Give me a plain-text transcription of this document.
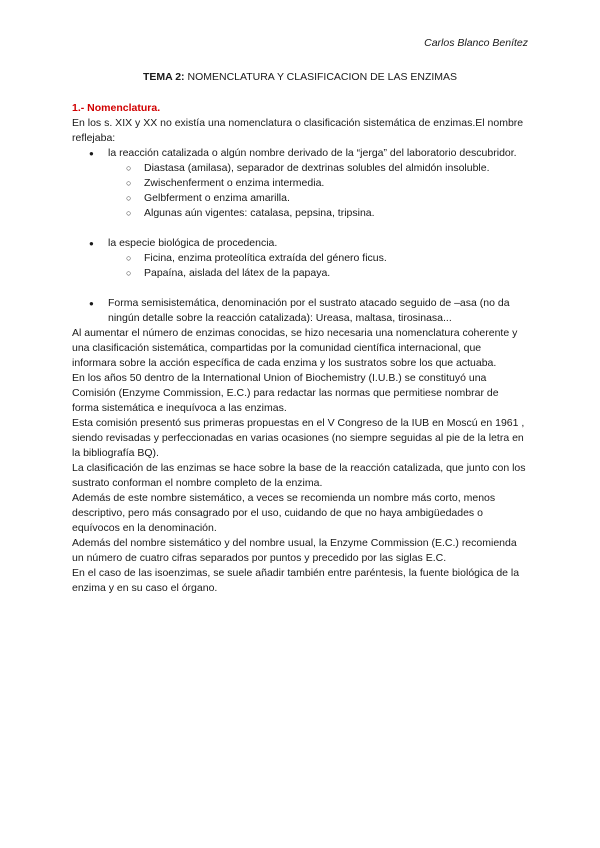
Carlos Blanco Benítez
TEMA 2: NOMENCLATURA Y CLASIFICACION DE LAS ENZIMAS

1.- Nomenclatura.

En los s. XIX y XX no existía una nomenclatura o clasificación sistemática de enzimas.El nombre reflejaba:

● la reacción catalizada o algún nombre derivado de la “jerga” del laboratorio descubridor.
○ Diastasa (amilasa), separador de dextrinas solubles del almidón insoluble.
○ Zwischenferment o enzima intermedia.
○ Gelbferment o enzima amarilla.
○ Algunas aún vigentes: catalasa, pepsina, tripsina.
● la especie biológica de procedencia.
○ Ficina, enzima proteolítica extraída del género ficus.
○ Papaína, aislada del látex de la papaya.
● Forma semisistemática, denominación por el sustrato atacado seguido de –asa (no da ningún detalle sobre la reacción catalizada): Ureasa, maltasa, tirosinasa...

Al aumentar el número de enzimas conocidas, se hizo necesaria una nomenclatura coherente y una clasificación sistemática, compartidas por la comunidad científica internacional, que informara sobre la acción específica de cada enzima y los sustratos sobre los que actuaba.

En los años 50 dentro de la International Union of Biochemistry (I.U.B.) se constituyó una Comisión (Enzyme Commission, E.C.) para redactar las normas que permitiese nombrar de forma sistemática e inequívoca a las enzimas.

Esta comisión presentó sus primeras propuestas en el V Congreso de la IUB en Moscú en 1961 , siendo revisadas y perfeccionadas en varias ocasiones (no siempre seguidas al pie de la letra en la bibliografía BQ).

La clasificación de las enzimas se hace sobre la base de la reacción catalizada, que junto con los sustrato conforman el nombre completo de la enzima.

Además de este nombre sistemático, a veces se recomienda un nombre más corto, menos descriptivo, pero más consagrado por el uso, cuidando de que no haya ambigüedades o equívocos en la denominación.

Además del nombre sistemático y del nombre usual, la Enzyme Commission (E.C.) recomienda un número de cuatro cifras separados por puntos y precedido por las siglas E.C.

En el caso de las isoenzimas, se suele añadir también entre paréntesis, la fuente biológica de la enzima y en su caso el órgano.
